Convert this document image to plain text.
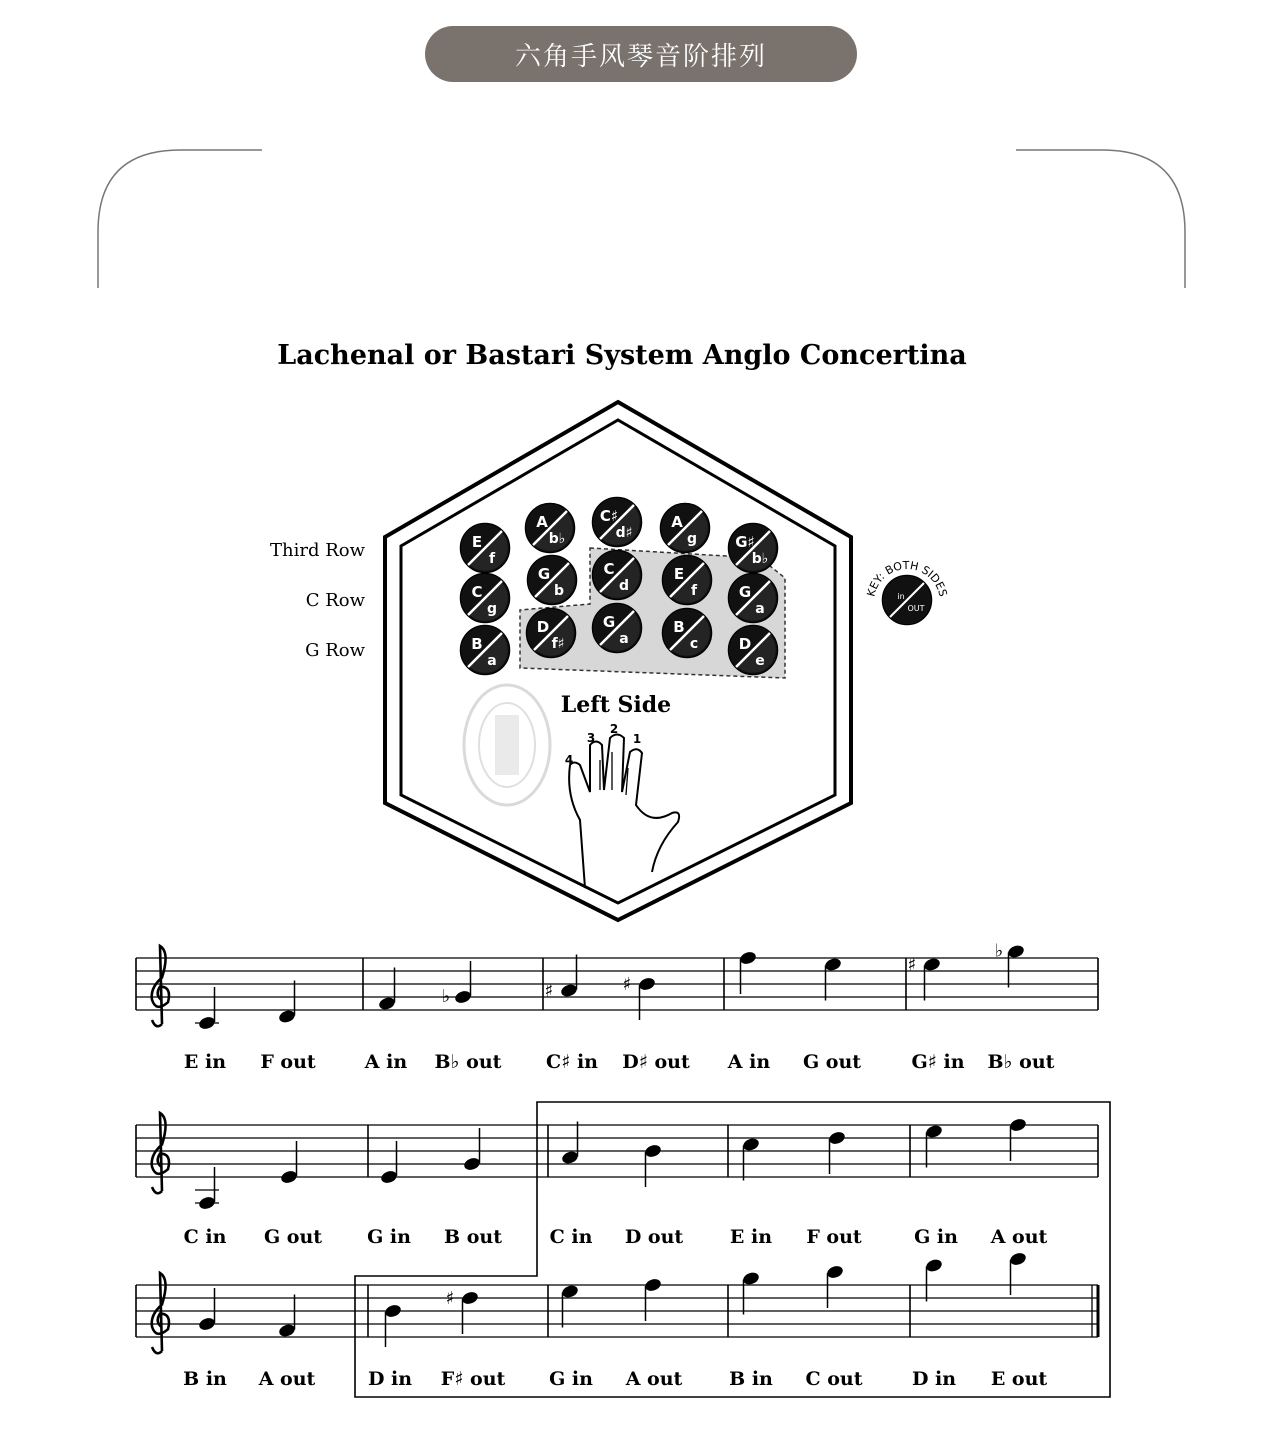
六角手风琴音阶排列
Lachenal or Bastari System Anglo Concertina
Third Row
C Row
G Row
E
f
A
b♭
C♯
d♯
A
g	G♯
b♭
C
g
G
b
C
d
E
f	G
a
B
a
D
f♯
G
a
B
c	D
e
in
OUT
KEY: BOTH SIDES
Left Side
4
3
2
1
E in F out	A in
♭
B♭ out
♯
C♯ in
♯
D♯ out A in G out
♯
G♯ in
♭
B♭ out
C in G out G in B out	C in D out E in F out	G in A out
B in A out	D in
♯
F♯ out G in A out B in C out	D in E out
